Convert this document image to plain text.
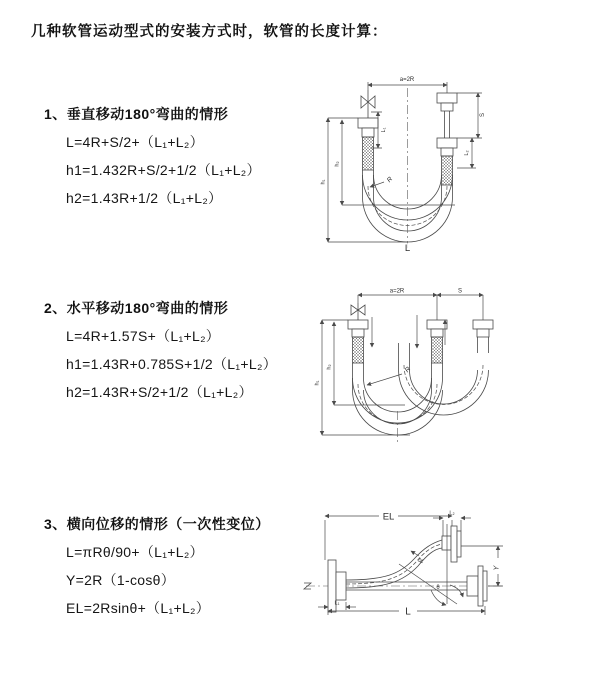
几种软管运动型式的安装方式时，软管的长度计算：
1、垂直移动180°弯曲的情形
L=4R+S/2+（L₁+L₂）
h1=1.432R+S/2+1/2（L₁+L₂）
h2=1.43R+1/2（L₁+L₂）
a=2R
L₁
S
L₂
h₁
h₂
R
L
2、水平移动180°弯曲的情形
L=4R+1.57S+（L₁+L₂）
h1=1.43R+0.785S+1/2（L₁+L₂）
h2=1.43R+S/2+1/2（L₁+L₂）
a=2R	S
h₁
h₂	R
3、横向位移的情形（一次性变位）
L=πRθ/90+（L₁+L₂）
Y=2R（1-cosθ）
EL=2Rsinθ+（L₁+L₂）
EL	L₂
Y
θ
R
L
L₁
